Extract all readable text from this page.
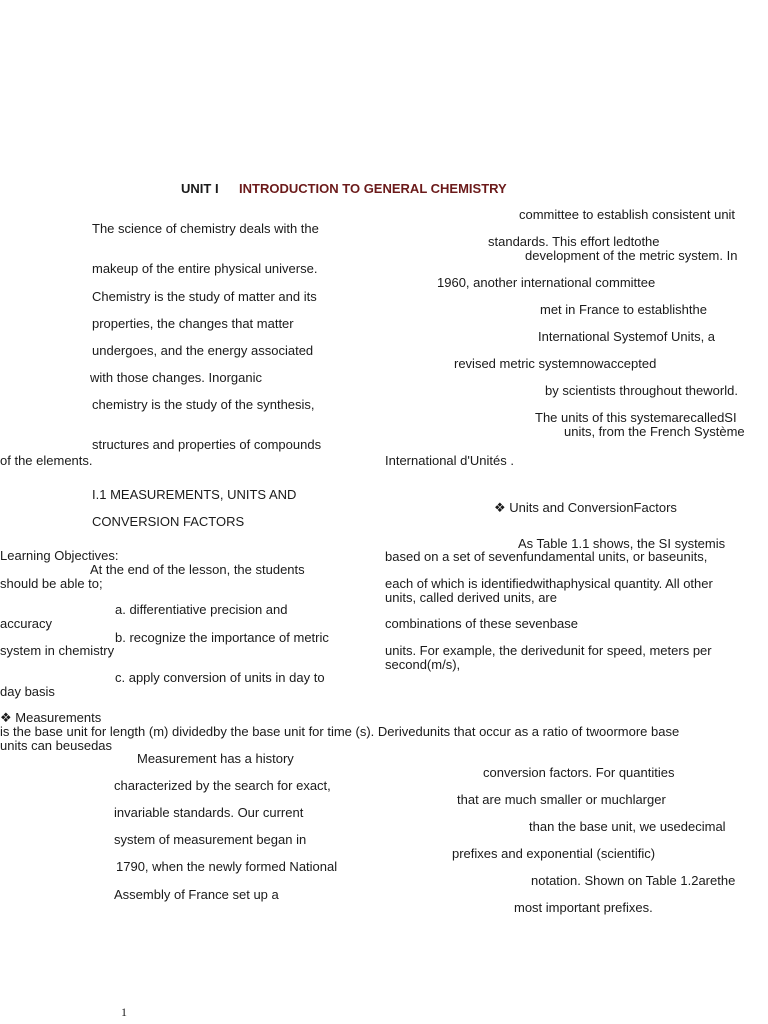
UNIT I INTRODUCTION TO GENERAL CHEMISTRY
The science of chemistry deals with the
makeup of the entire physical universe.
Chemistry is the study of matter and its
properties, the changes that matter
undergoes, and the energy associated
with those changes. Inorganic
chemistry is the study of the synthesis,
structures and properties of compounds
of the elements.
I.1 MEASUREMENTS, UNITS AND
CONVERSION FACTORS
Learning Objectives:
At the end of the lesson, the students
should be able to;
a. differentiative precision and
accuracy
b. recognize the importance of metric
system in chemistry
c. apply conversion of units in day to
day basis
❖ Measurements
is the base unit for length (m) dividedby the base unit for time (s). Derivedunits that occur as a ratio of twoormore base
units can beusedas
Measurement has a history
characterized by the search for exact,
invariable standards. Our current
system of measurement began in
1790, when the newly formed National
Assembly of France set up a
committee to establish consistent unit
standards. This effort ledtothe
development of the metric system. In
1960, another international committee
met in France to establishthe
International Systemof Units, a
revised metric systemnowaccepted
by scientists throughout theworld.
The units of this systemarecalledSI
units, from the French Système
International d'Unités .
❖ Units and ConversionFactors
As Table 1.1 shows, the SI systemis
based on a set of sevenfundamental units, or baseunits,
each of which is identifiedwithaphysical quantity. All other
units, called derived units, are
combinations of these sevenbase
units. For example, the derivedunit for speed, meters per
second(m/s),
conversion factors. For quantities
that are much smaller or muchlarger
than the base unit, we usedecimal
prefixes and exponential (scientific)
notation. Shown on Table 1.2arethe
most important prefixes.
1
